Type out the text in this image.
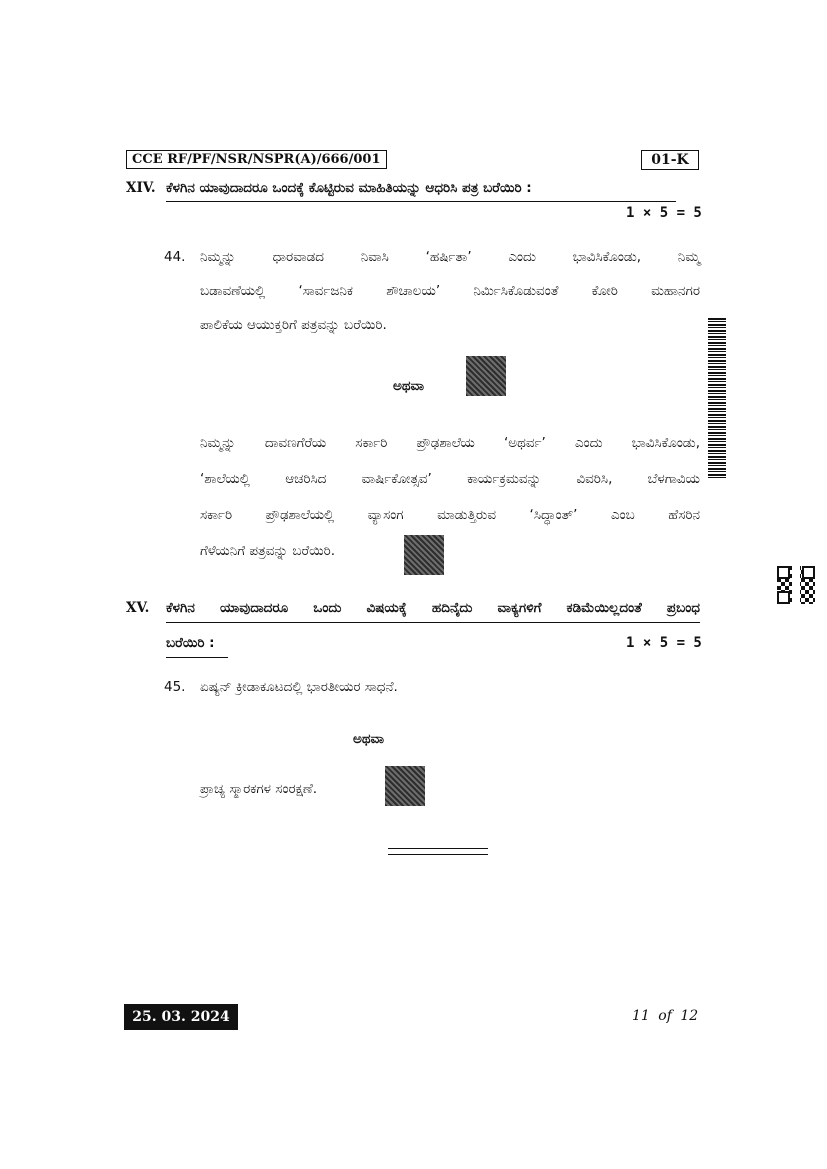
CCE RF/PF/NSR/NSPR(A)/666/001	01-K
XIV. ಕೆಳಗಿನ ಯಾವುದಾದರೂ ಒಂದಕ್ಕೆ ಕೊಟ್ಟಿರುವ ಮಾಹಿತಿಯನ್ನು ಆಧರಿಸಿ ಪತ್ರ ಬರೆಯಿರಿ :
1 × 5 = 5
44. ನಿಮ್ಮನ್ನು ಧಾರವಾಡದ ನಿವಾಸಿ ‘ಹರ್ಷಿತಾ’ ಎಂದು ಭಾವಿಸಿಕೊಂಡು, ನಿಮ್ಮ
ಬಡಾವಣೆಯಲ್ಲಿ ‘ಸಾರ್ವಜನಿಕ ಶೌಚಾಲಯ’ ನಿರ್ಮಿಸಿಕೊಡುವಂತೆ ಕೋರಿ ಮಹಾನಗರ
ಪಾಲಿಕೆಯ ಆಯುಕ್ತರಿಗೆ ಪತ್ರವನ್ನು ಬರೆಯಿರಿ.
ಅಥವಾ
ನಿಮ್ಮನ್ನು ದಾವಣಗೆರೆಯ ಸರ್ಕಾರಿ ಪ್ರೌಢಶಾಲೆಯ ‘ಅಥರ್ವ’ ಎಂದು ಭಾವಿಸಿಕೊಂಡು,
‘ಶಾಲೆಯಲ್ಲಿ ಆಚರಿಸಿದ ವಾರ್ಷಿಕೋತ್ಸವ’ ಕಾರ್ಯಕ್ರಮವನ್ನು ವಿವರಿಸಿ, ಬೆಳಗಾವಿಯ
ಸರ್ಕಾರಿ ಪ್ರೌಢಶಾಲೆಯಲ್ಲಿ ವ್ಯಾಸಂಗ ಮಾಡುತ್ತಿರುವ ‘ಸಿದ್ಧಾಂತ್’ ಎಂಬ ಹೆಸರಿನ
ಗೆಳೆಯನಿಗೆ ಪತ್ರವನ್ನು ಬರೆಯಿರಿ.
XV. ಕೆಳಗಿನ ಯಾವುದಾದರೂ ಒಂದು ವಿಷಯಕ್ಕೆ ಹದಿನೈದು ವಾಕ್ಯಗಳಿಗೆ ಕಡಿಮೆಯಿಲ್ಲದಂತೆ ಪ್ರಬಂಧ
ಬರೆಯಿರಿ :	1 × 5 = 5
45. ಏಷ್ಯನ್ ಕ್ರೀಡಾಕೂಟದಲ್ಲಿ ಭಾರತೀಯರ ಸಾಧನೆ.
ಅಥವಾ
ಪ್ರಾಚ್ಯ ಸ್ಮಾರಕಗಳ ಸಂರಕ್ಷಣೆ.
25. 03. 2024	11 of 12
